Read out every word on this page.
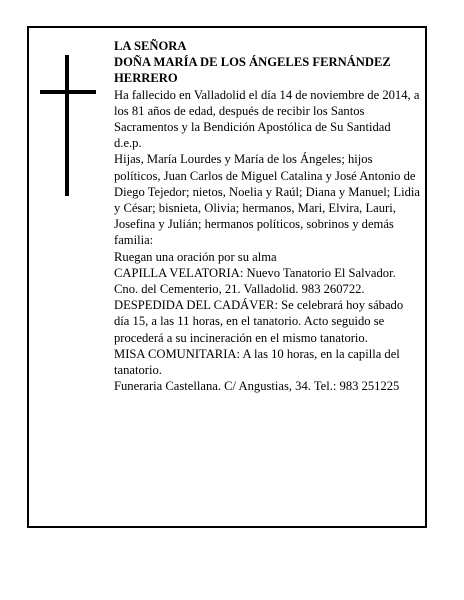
LA SEÑORA

DOÑA MARÍA DE LOS ÁNGELES FERNÁNDEZ HERRERO

Ha fallecido en Valladolid el día 14 de noviembre de 2014, a los 81 años de edad, después de recibir los Santos Sacramentos y la Bendición Apostólica de Su Santidad

d.e.p.

Hijas, María Lourdes y María de los Ángeles; hijos políticos, Juan Carlos de Miguel Catalina y José Antonio de Diego Tejedor; nietos, Noelia y Raúl; Diana y Manuel; Lidia y César; bisnieta, Olivia; hermanos, Mari, Elvira, Lauri, Josefina y Julián; hermanos políticos, sobrinos y demás familia:

Ruegan una oración por su alma

CAPILLA VELATORIA: Nuevo Tanatorio El Salvador. Cno. del Cementerio, 21. Valladolid. 983 260722.

DESPEDIDA DEL CADÁVER: Se celebrará hoy sábado día 15, a las 11 horas, en el tanatorio. Acto seguido se procederá a su incineración en el mismo tanatorio.

MISA COMUNITARIA: A las 10 horas, en la capilla del tanatorio.

Funeraria Castellana. C/ Angustias, 34. Tel.: 983 251225
